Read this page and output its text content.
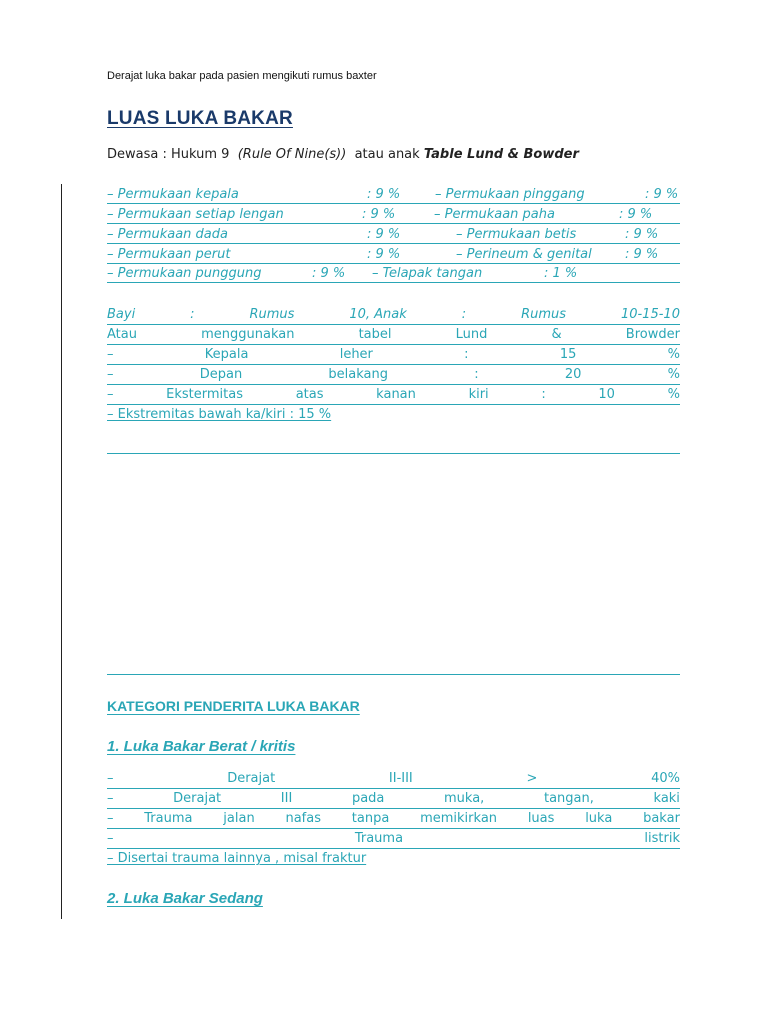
Derajat luka bakar pada pasien mengikuti rumus baxter
LUAS LUKA BAKAR
Dewasa : Hukum 9 (Rule Of Nine(s)) atau anak Table Lund & Bowder
– Permukaan kepala	: 9 %	– Permukaan pinggang	: 9 %
– Permukaan setiap lengan	: 9 %	– Permukaan paha	: 9 %
– Permukaan dada	: 9 %	– Permukaan betis	: 9 %
– Permukaan perut	: 9 %	– Perineum & genital	: 9 %
– Permukaan punggung	: 9 % – Telapak tangan	: 1 %
Bayi	:	Rumus	10, Anak	:	Rumus	10-15-10
Atau	menggunakan	tabel	Lund	&	Browder
–	Kepala	leher	:	15	%
–	Depan	belakang	:	20	%
–	Ekstermitas	atas	kanan	kiri	:	10	%
– Ekstremitas bawah ka/kiri : 15 %
KATEGORI PENDERITA LUKA BAKAR
1. Luka Bakar Berat / kritis
–	Derajat	II-III	>	40%
–	Derajat	III	pada	muka,	tangan,	kaki
– Trauma jalan nafas tanpa memikirkan luas luka bakar
–	Trauma	listrik
– Disertai trauma lainnya , misal fraktur
2. Luka Bakar Sedang
